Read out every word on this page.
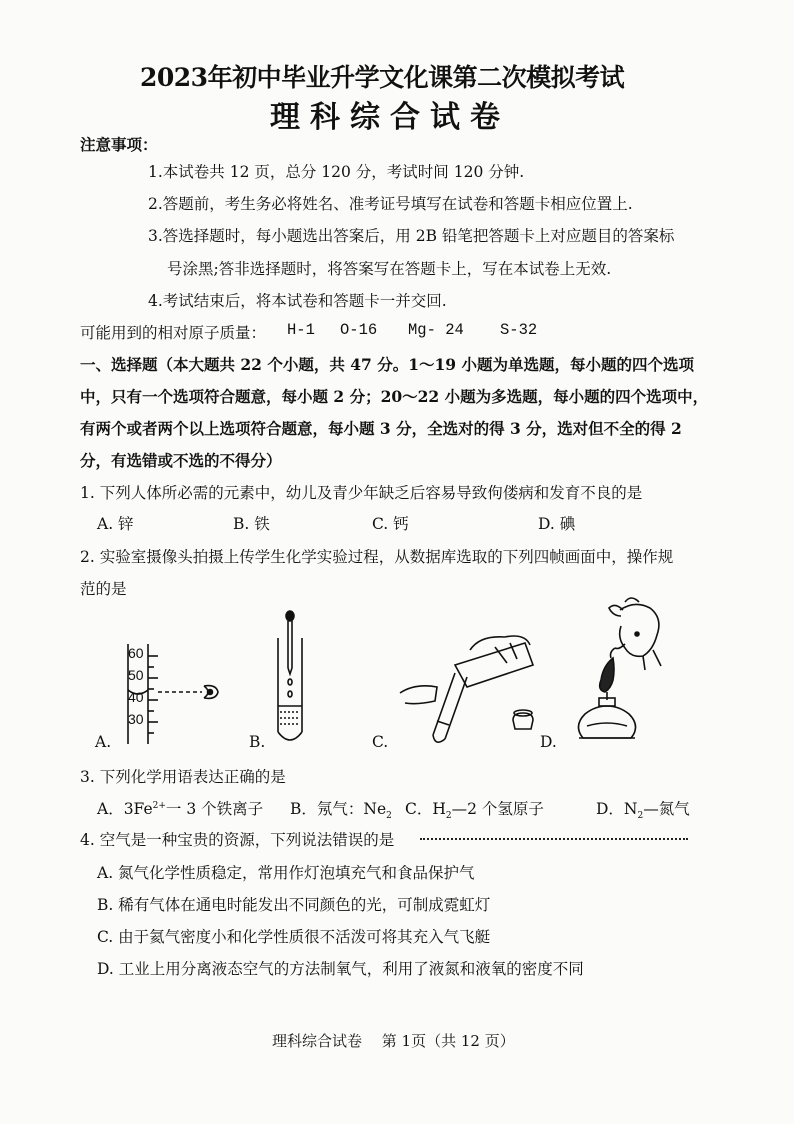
2023年初中毕业升学文化课第二次模拟考试
理科综合试卷
注意事项：
1.本试卷共 12 页，总分 120 分，考试时间 120 分钟.
2.答题前，考生务必将姓名、准考证号填写在试卷和答题卡相应位置上.
3.答选择题时，每小题选出答案后，用 2B 铅笔把答题卡上对应题目的答案标
号涂黑;答非选择题时，将答案写在答题卡上，写在本试卷上无效.
4.考试结束后，将本试卷和答题卡一并交回.
可能用到的相对原子质量： H-1 O-16 Mg- 24 S-32
一、选择题（本大题共 22 个小题，共 47 分。1～19 小题为单选题，每小题的四个选项
中，只有一个选项符合题意，每小题 2 分；20～22 小题为多选题，每小题的四个选项中，
有两个或者两个以上选项符合题意，每小题 3 分，全选对的得 3 分，选对但不全的得 2
分，有选错或不选的不得分）
1. 下列人体所必需的元素中，幼儿及青少年缺乏后容易导致佝偻病和发育不良的是
A. 锌	B. 铁	C. 钙	D. 碘
2. 实验室摄像头拍摄上传学生化学实验过程，从数据库选取的下列四帧画面中，操作规
范的是
60
50
40
30
A.	B.	C.	D.
3. 下列化学用语表达正确的是
A．$3Fe^{2+}$一 3 个铁离子 B．氖气：$Ne_2$ C．$H_2—2$ 个氢原子	D．$N_2—$氮气
4. 空气是一种宝贵的资源，下列说法错误的是
A. 氮气化学性质稳定，常用作灯泡填充气和食品保护气
B. 稀有气体在通电时能发出不同颜色的光，可制成霓虹灯
C. 由于氦气密度小和化学性质很不活泼可将其充入气飞艇
D. 工业上用分离液态空气的方法制氧气，利用了液氮和液氧的密度不同
理科综合试卷　 第 1页（共 12 页）
